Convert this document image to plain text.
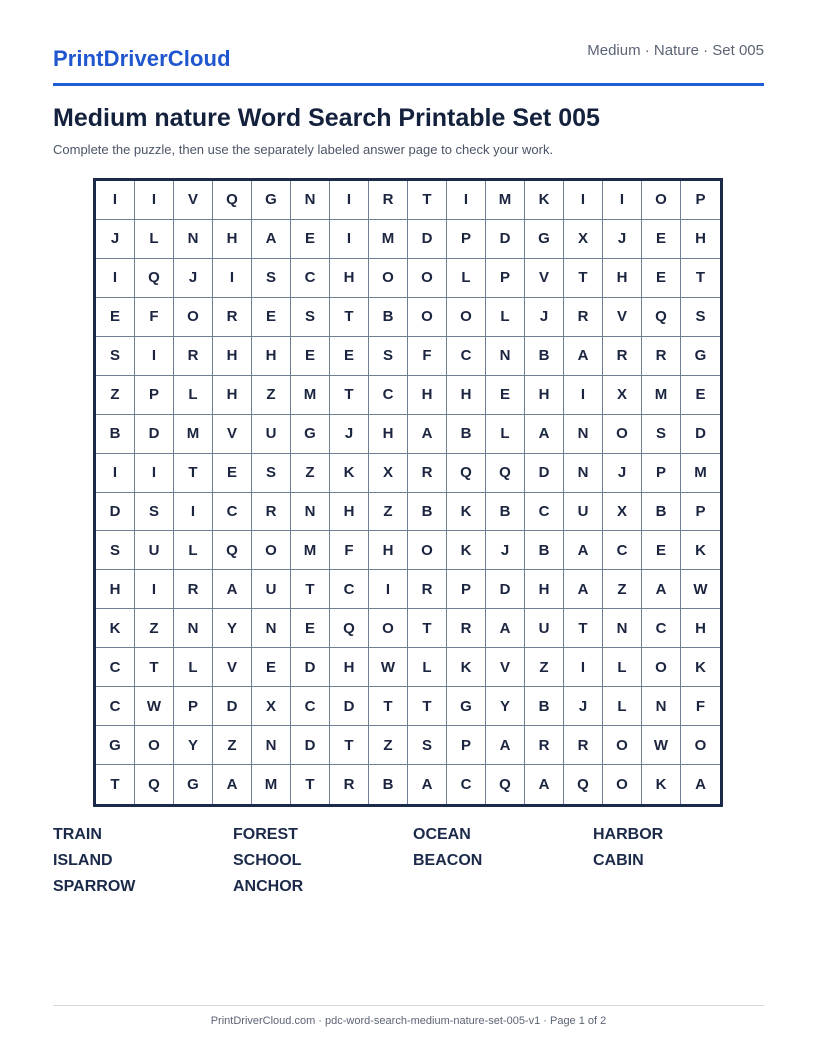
PrintDriverCloud	Medium · Nature · Set 005
Medium nature Word Search Printable Set 005

Complete the puzzle, then use the separately labeled answer page to check your work.

I	I	V	Q	G	N	I	R	T	I	M	K	I	I	O	P
J	L	N	H	A	E	I	M	D	P	D	G	X	J	E	H
I	Q	J	I	S	C	H	O	O	L	P	V	T	H	E	T
E	F	O	R	E	S	T	B	O	O	L	J	R	V	Q	S
S	I	R	H	H	E	E	S	F	C	N	B	A	R	R	G
Z	P	L	H	Z	M	T	C	H	H	E	H	I	X	M	E
B	D	M	V	U	G	J	H	A	B	L	A	N	O	S	D
I	I	T	E	S	Z	K	X	R	Q	Q	D	N	J	P	M
D	S	I	C	R	N	H	Z	B	K	B	C	U	X	B	P
S	U	L	Q	O	M	F	H	O	K	J	B	A	C	E	K
H	I	R	A	U	T	C	I	R	P	D	H	A	Z	A	W
K	Z	N	Y	N	E	Q	O	T	R	A	U	T	N	C	H
C	T	L	V	E	D	H	W	L	K	V	Z	I	L	O	K
C	W	P	D	X	C	D	T	T	G	Y	B	J	L	N	F
G	O	Y	Z	N	D	T	Z	S	P	A	R	R	O	W	O
T	Q	G	A	M	T	R	B	A	C	Q	A	Q	O	K	A
TRAIN	FOREST	OCEAN	HARBOR
ISLAND	SCHOOL	BEACON	CABIN
SPARROW	ANCHOR
PrintDriverCloud.com · pdc-word-search-medium-nature-set-005-v1 · Page 1 of 2
